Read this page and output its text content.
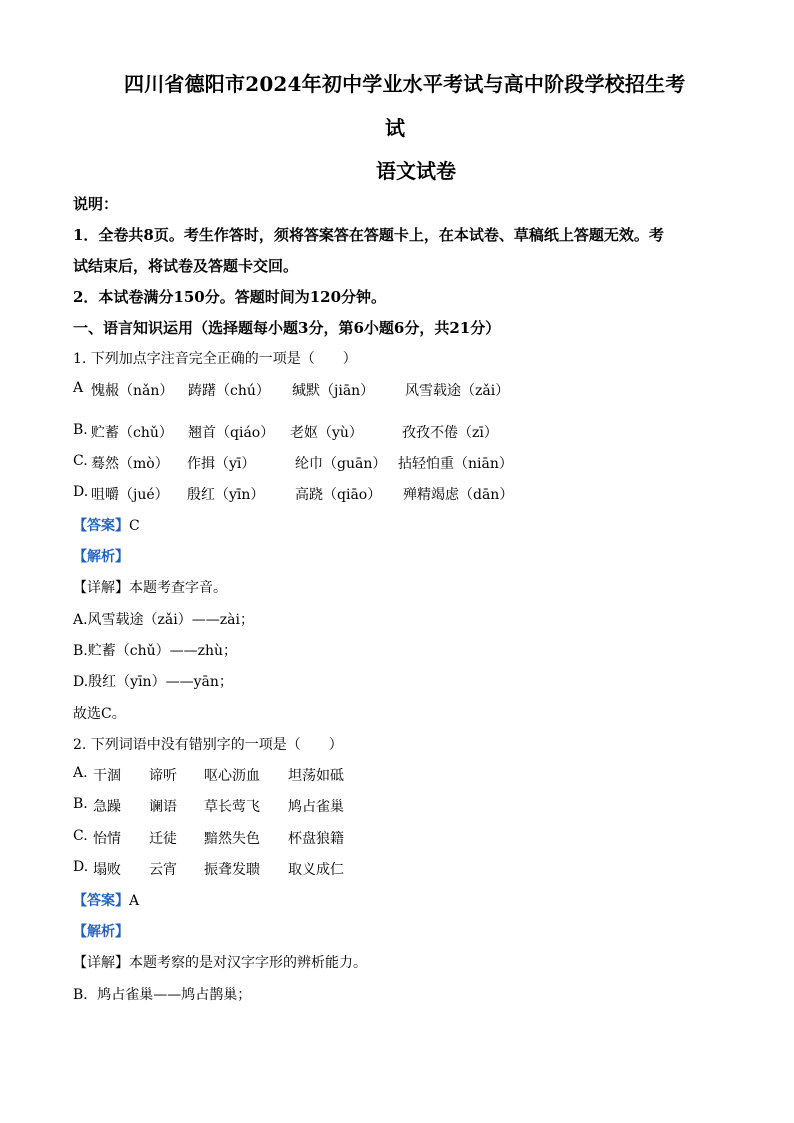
四川省德阳市2024年初中学业水平考试与高中阶段学校招生考
试
语文试卷
说明：
1．全卷共8页。考生作答时，须将答案答在答题卡上，在本试卷、草稿纸上答题无效。考
试结束后，将试卷及答题卡交回。
2．本试卷满分150分。答题时间为120分钟。
一、语言知识运用（选择题每小题3分，第6小题6分，共21分）
1. 下列加点字注音完全正确的一项是（　　）
A 愧赧（nǎn） 踌躇（chú） 缄默（jiān） 风雪载途（zǎi）
B. 贮蓄（chǔ） 翘首（qiáo） 老妪（yù）	孜孜不倦（zī）
C. 蓦然（mò） 作揖（yī）	纶巾（guān） 拈轻怕重（niān）
D. 咀嚼（jué） 殷红（yīn） 高跷（qiāo） 殚精竭虑（dān）
【答案】C
【解析】
【详解】本题考查字音。
A.风雪载途（zǎi）——zài；
B.贮蓄（chǔ）——zhù；
D.殷红（yīn）——yān；
故选C。
2. 下列词语中没有错别字的一项是（　　）
A. 干涸 谛听 呕心沥血 坦荡如砥
B. 急躁 谰语 草长莺飞 鸠占雀巢
C. 怡情 迁徒 黯然失色 杯盘狼籍
D. 塌败 云宵 振聋发聩 取义成仁
【答案】A
【解析】
【详解】本题考察的是对汉字字形的辨析能力。
B．鸠占雀巢——鸠占鹊巢；
